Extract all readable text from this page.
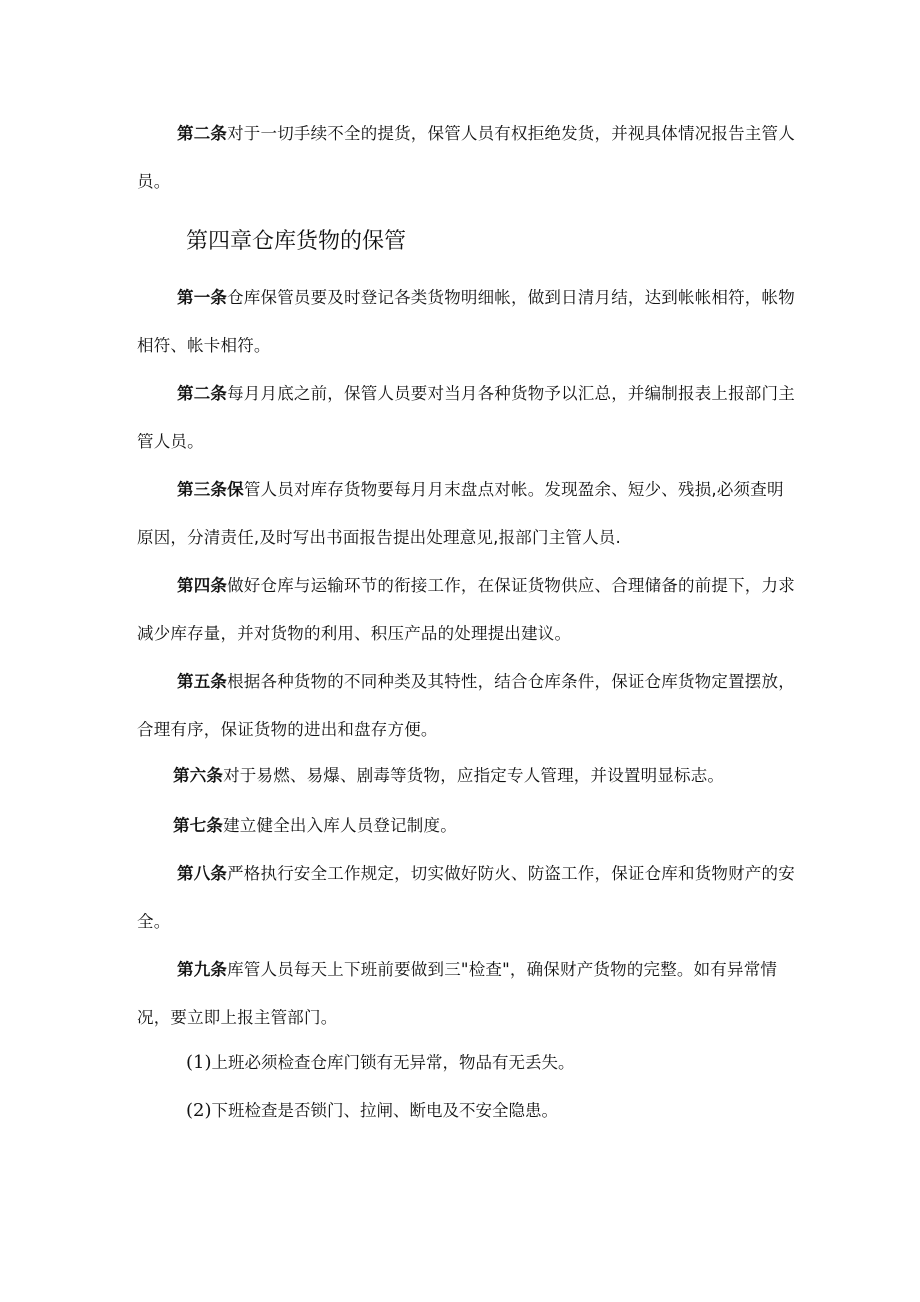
第二条对于一切手续不全的提货，保管人员有权拒绝发货，并视具体情况报告主管人员。

第四章仓库货物的保管

第一条仓库保管员要及时登记各类货物明细帐，做到日清月结，达到帐帐相符，帐物相符、帐卡相符。

第二条每月月底之前，保管人员要对当月各种货物予以汇总，并编制报表上报部门主管人员。

第三条保管人员对库存货物要每月月末盘点对帐。发现盈余、短少、残损,必须查明原因，分清责任,及时写出书面报告提出处理意见,报部门主管人员.

第四条做好仓库与运输环节的衔接工作，在保证货物供应、合理储备的前提下，力求减少库存量，并对货物的利用、积压产品的处理提出建议。

第五条根据各种货物的不同种类及其特性，结合仓库条件，保证仓库货物定置摆放，合理有序，保证货物的进出和盘存方便。

第六条对于易燃、易爆、剧毒等货物，应指定专人管理，并设置明显标志。

第七条建立健全出入库人员登记制度。

第八条严格执行安全工作规定，切实做好防火、防盗工作，保证仓库和货物财产的安全。

第九条库管人员每天上下班前要做到三"检查"，确保财产货物的完整。如有异常情况，要立即上报主管部门。

(1)上班必须检查仓库门锁有无异常，物品有无丢失。

(2)下班检查是否锁门、拉闸、断电及不安全隐患。
